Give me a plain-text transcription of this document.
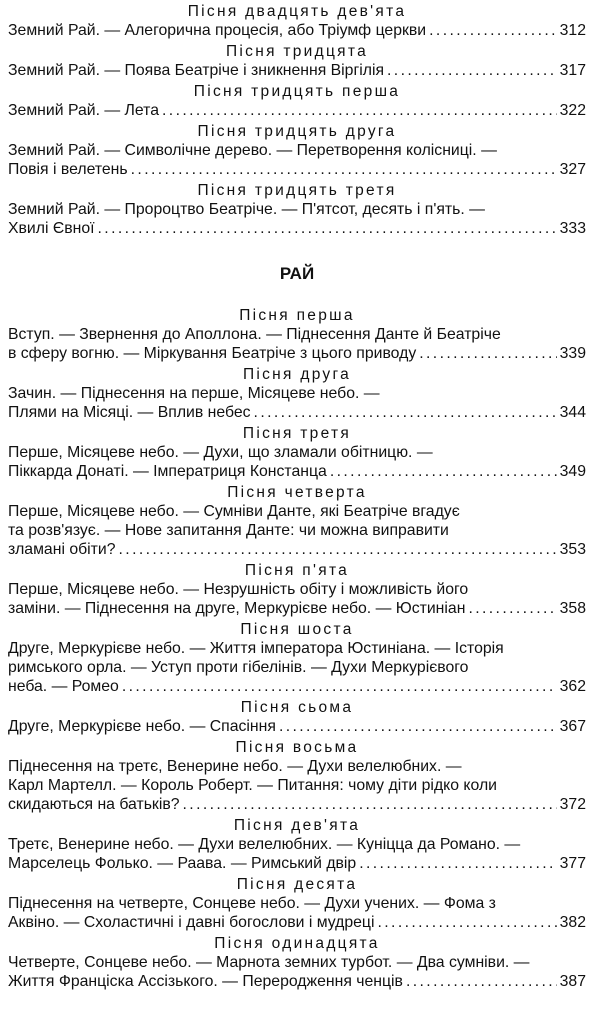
Пісня двадцять дев'ята
Земний Рай. — Алегорична процесія, або Тріумф церкви . . .	312
Пісня тридцята
Земний Рай. — Поява Беатріче і зникнення Віргілія . . .	317
Пісня тридцять перша
Земний Рай. — Лета . . .	322
Пісня тридцять друга
Земний Рай. — Символічне дерево. — Перетворення колісниці. —
Повія і велетень . . .	327
Пісня тридцять третя
Земний Рай. — Пророцтво Беатріче. — П'ятсот, десять і п'ять. —
Хвилі Євної . . .	333
РАЙ
Пісня перша
Вступ. — Звернення до Аполлона. — Піднесення Данте й Беатріче
в сферу вогню. — Міркування Беатріче з цього приводу . . .	339
Пісня друга
Зачин. — Піднесення на перше, Місяцеве небо. —
Плями на Місяці. — Вплив небес . . .	344
Пісня третя
Перше, Місяцеве небо. — Духи, що зламали обітницю. —
Піккарда Донаті. — Імператриця Констанца . . .	349
Пісня четверта
Перше, Місяцеве небо. — Сумніви Данте, які Беатріче вгадує
та розв'язує. — Нове запитання Данте: чи можна виправити
зламані обіти? . . .	353
Пісня п'ята
Перше, Місяцеве небо. — Незрушність обіту і можливість його
заміни. — Піднесення на друге, Меркурієве небо. — Юстиніан . . .	358
Пісня шоста
Друге, Меркурієве небо. — Життя імператора Юстиніана. — Історія
римського орла. — Уступ проти гібелінів. — Духи Меркурієвого
неба. — Ромео . . .	362
Пісня сьома
Друге, Меркурієве небо. — Спасіння . . .	367
Пісня восьма
Піднесення на третє, Венерине небо. — Духи велелюбних. —
Карл Мартелл. — Король Роберт. — Питання: чому діти рідко коли
скидаються на батьків? . . .	372
Пісня дев'ята
Третє, Венерине небо. — Духи велелюбних. — Куніцца да Романо. —
Марселець Фолько. — Раава. — Римський двір . . .	377
Пісня десята
Піднесення на четверте, Сонцеве небо. — Духи учених. — Фома з
Аквіно. — Схоластичні і давні богослови і мудреці . . .	382
Пісня одинадцята
Четверте, Сонцеве небо. — Марнота земних турбот. — Два сумніви. —
Життя Франціска Ассізького. — Переродження ченців . . .	387
